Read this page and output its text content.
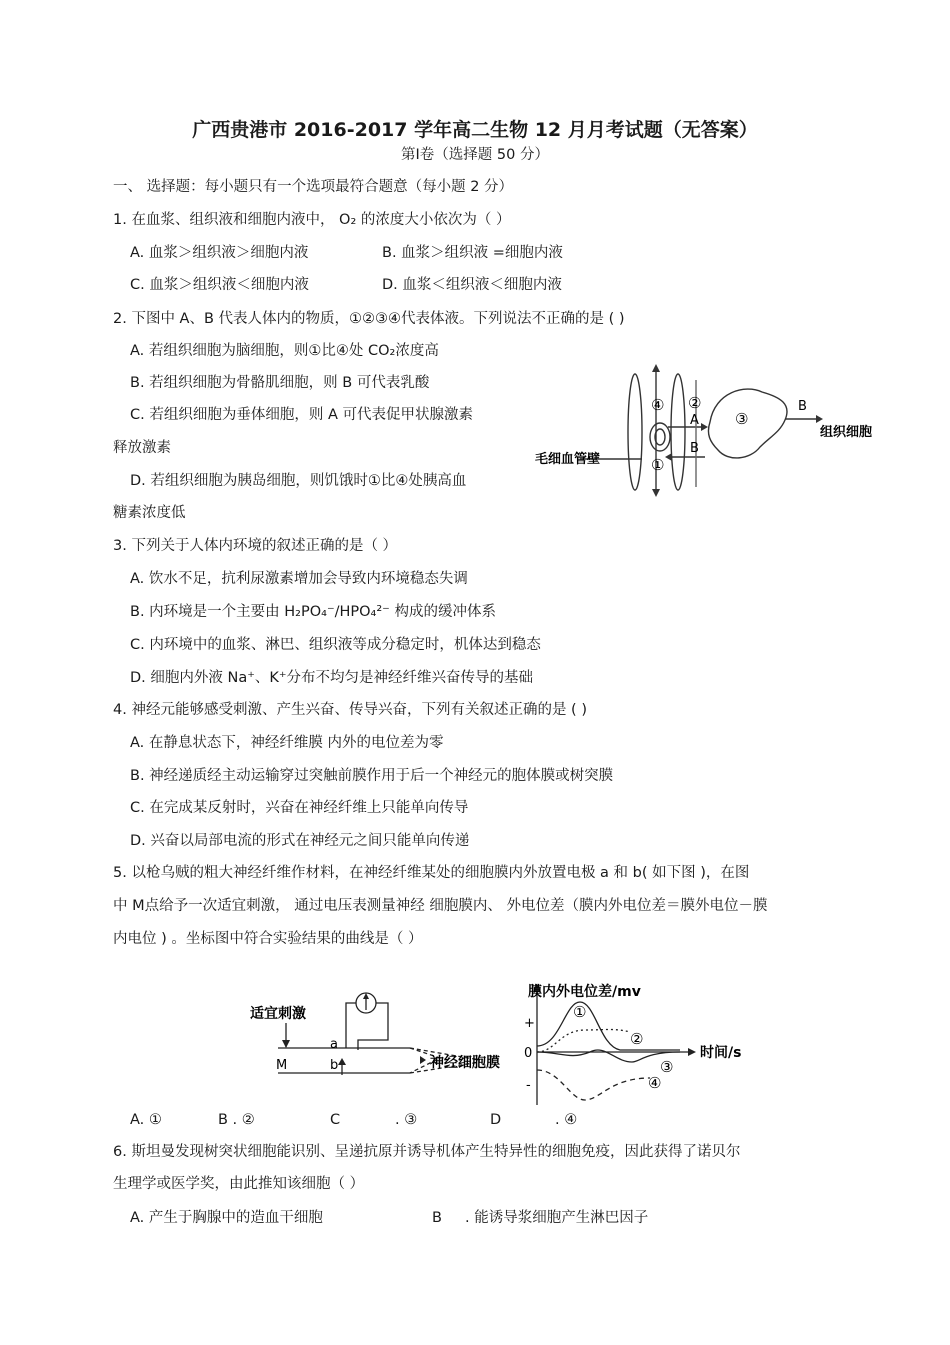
广西贵港市 2016-2017 学年高二生物 12 月月考试题（无答案）
第Ⅰ卷（选择题 50 分）
一、 选择题：每小题只有一个选项最符合题意（每小题 2 分）
1. 在血浆、组织液和细胞内液中， O₂ 的浓度大小依次为（ ）
A. 血浆＞组织液＞细胞内液	B. 血浆＞组织液 =细胞内液
C. 血浆＞组织液＜细胞内液	D. 血浆＜组织液＜细胞内液
2. 下图中 A、B 代表人体内的物质，①②③④代表体液。下列说法不正确的是 ( )
A. 若组织细胞为脑细胞，则①比④处 CO₂浓度高
B. 若组织细胞为骨骼肌细胞，则 B 可代表乳酸
C. 若组织细胞为垂体细胞，则 A 可代表促甲状腺激素
释放激素
D. 若组织细胞为胰岛细胞，则饥饿时①比④处胰高血
糖素浓度低
④ ②
③
①
A
B
B
毛细血管壁
组织细胞
3. 下列关于人体内环境的叙述正确的是（ ）
A. 饮水不足，抗利尿激素增加会导致内环境稳态失调
B. 内环境是一个主要由 H₂PO₄⁻/HPO₄²⁻ 构成的缓冲体系
C. 内环境中的血浆、淋巴、组织液等成分稳定时，机体达到稳态
D. 细胞内外液 Na⁺、K⁺分布不均匀是神经纤维兴奋传导的基础
4. 神经元能够感受刺激、产生兴奋、传导兴奋，下列有关叙述正确的是 ( )
A. 在静息状态下，神经纤维膜 内外的电位差为零
B. 神经递质经主动运输穿过突触前膜作用于后一个神经元的胞体膜或树突膜
C. 在完成某反射时，兴奋在神经纤维上只能单向传导
D. 兴奋以局部电流的形式在神经元之间只能单向传递
5. 以枪乌贼的粗大神经纤维作材料，在神经纤维某处的细胞膜内外放置电极 a 和 b( 如下图 )，在图
中 M点给予一次适宜刺激， 通过电压表测量神经 细胞膜内、 外电位差（膜内外电位差＝膜外电位－膜
内电位 ) 。坐标图中符合实验结果的曲线是（ ）
适宜刺激
M
a
b	神经细胞膜
膜内外电位差/mv
时间/s
+
0
-
①
②
③
④
A. ①	B . ②	C	. ③	D	. ④
6. 斯坦曼发现树突状细胞能识别、呈递抗原并诱导机体产生特异性的细胞免疫，因此获得了诺贝尔
生理学或医学奖，由此推知该细胞（ ）
A. 产生于胸腺中的造血干细胞	B . 能诱导浆细胞产生淋巴因子
